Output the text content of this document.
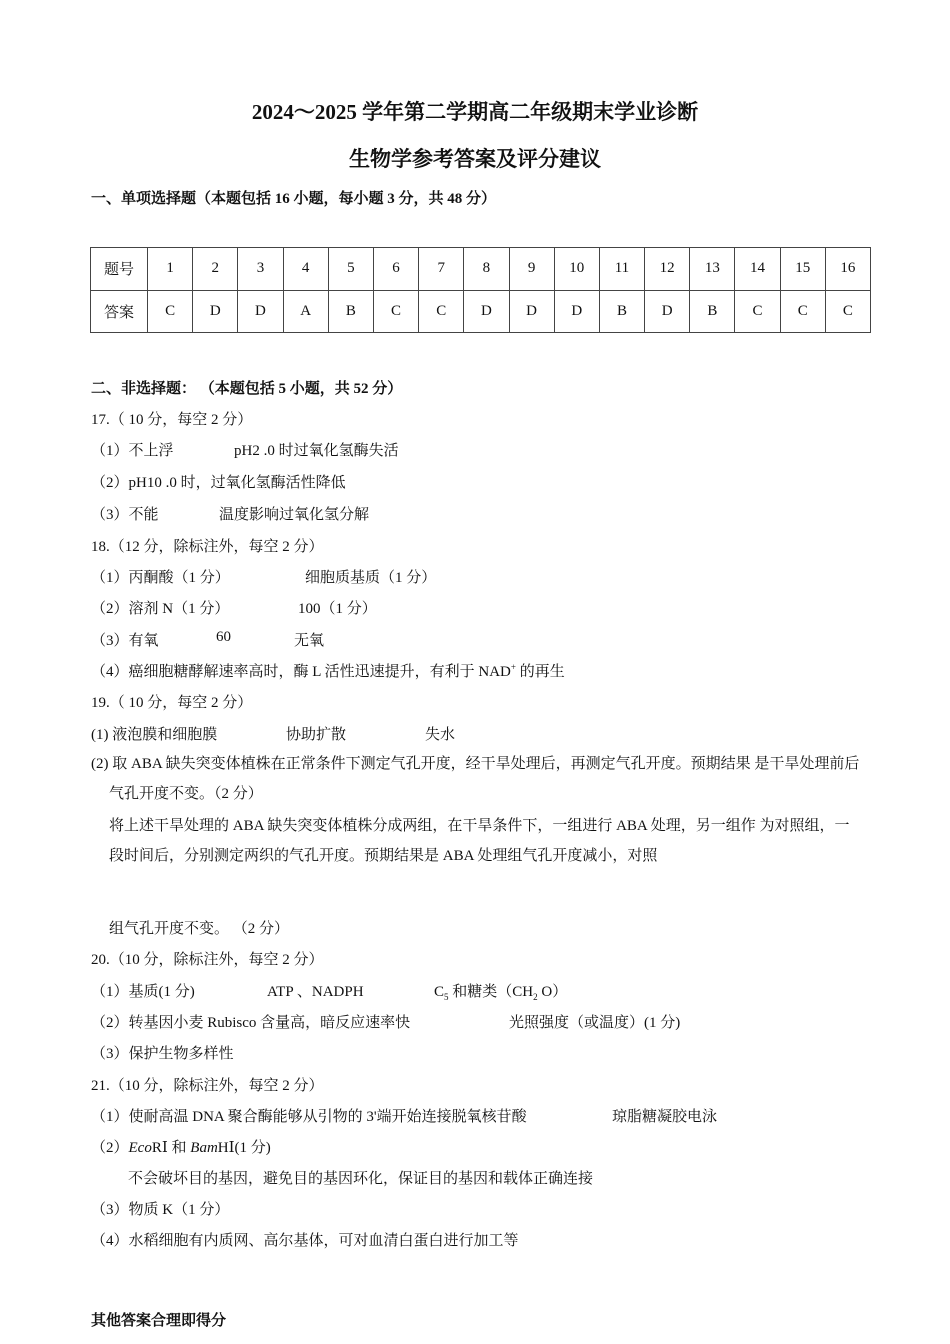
2024～2025 学年第二学期高二年级期末学业诊断
生物学参考答案及评分建议
一、单项选择题（本题包括 16 小题，每小题 3 分，共 48 分）
题号	1	2	3	4	5	6	7	8	9	10	11	12	13	14	15	16
答案	C	D	D	A	B	C	C	D	D	D	B	D	B	C	C	C
二、非选择题： （本题包括 5 小题，共 52 分）
17.（ 10 分，每空 2 分）
（1）不上浮	pH2 .0 时过氧化氢酶失活
（2）pH10 .0 时，过氧化氢酶活性降低
（3）不能	温度影响过氧化氢分解
18.（12 分，除标注外，每空 2 分）
（1）丙酮酸（1 分）	细胞质基质（1 分）
（2）溶剂 N（1 分）	100（1 分）
（3）有氧	60	无氧
（4）癌细胞糖酵解速率高时，酶 L 活性迅速提升，有利于 NAD+ 的再生
19.（ 10 分，每空 2 分）
(1) 液泡膜和细胞膜	协助扩散	失水
(2) 取 ABA 缺失突变体植株在正常条件下测定气孔开度，经干旱处理后，再测定气孔开度。预期结果 是干旱处理前后气孔开度不变。（2 分）
将上述干旱处理的 ABA 缺失突变体植株分成两组，在干旱条件下，一组进行 ABA 处理，另一组作 为对照组，一段时间后，分别测定两织的气孔开度。预期结果是 ABA 处理组气孔开度减小，对照
组气孔开度不变。 （2 分）
20.（10 分，除标注外，每空 2 分）
（1）基质(1 分)	ATP 、NADPH	$C_5$ 和糖类（$CH_2$ O）
（2）转基因小麦 Rubisco 含量高，暗反应速率快	光照强度（或温度）(1 分)
（3）保护生物多样性
21.（10 分，除标注外，每空 2 分）
（1）使耐高温 DNA 聚合酶能够从引物的 3'端开始连接脱氧核苷酸	琼脂糖凝胶电泳
（2）EcoRⅠ 和 BamHⅠ(1 分)
不会破坏目的基因，避免目的基因环化，保证目的基因和载体正确连接
（3）物质 K（1 分）
（4）水稻细胞有内质网、高尔基体，可对血清白蛋白进行加工等
其他答案合理即得分
